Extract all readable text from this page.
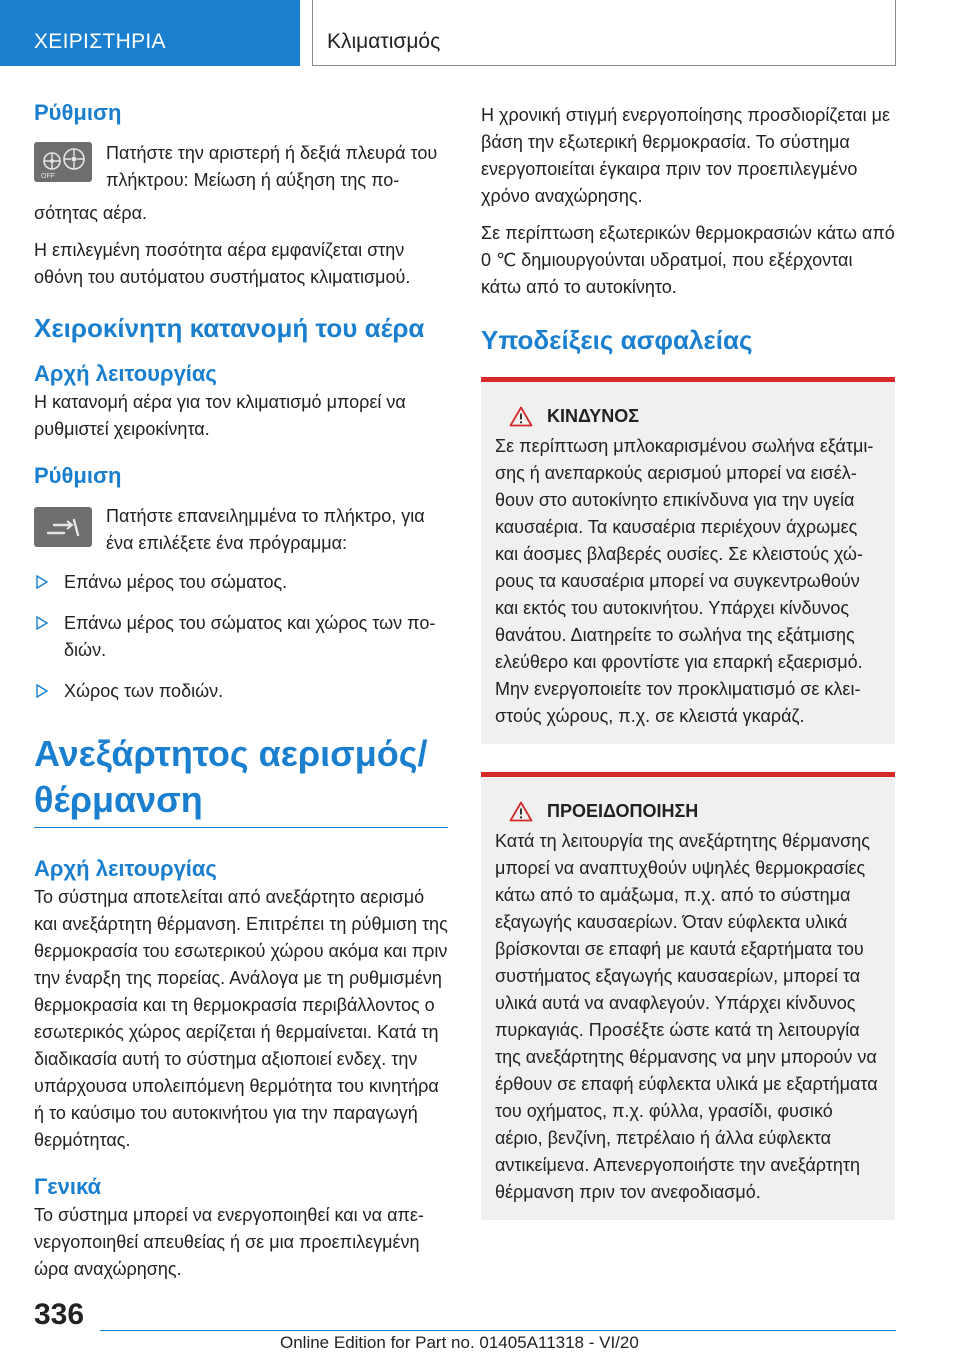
ΧΕΙΡΙΣΤΗΡΙΑ	Κλιματισμός
Ρύθμιση
OFF

Πατήστε την αριστερή ή δεξιά πλευρά του πλήκτρου: Μείωση ή αύξηση της πο-

σότητας αέρα.

Η επιλεγμένη ποσότητα αέρα εμφανίζεται στην οθόνη του αυτόματου συστήματος κλιματισμού.

Χειροκίνητη κατανομή του αέρα
Αρχή λειτουργίας

Η κατανομή αέρα για τον κλιματισμό μπορεί να ρυθμιστεί χειροκίνητα.

Ρύθμιση

Πατήστε επανειλημμένα το πλήκτρο, για ένα επιλέξετε ένα πρόγραμμα:

Επάνω μέρος του σώματος.
Επάνω μέρος του σώματος και χώρος των ποδιών.
Χώρος των ποδιών.
Ανεξάρτητος αερισμός/ θέρμανση
Αρχή λειτουργίας

Το σύστημα αποτελείται από ανεξάρτητο αερισμό και ανεξάρτητη θέρμανση. Επιτρέπει τη ρύθμιση της θερμοκρασία του εσωτερικού χώρου ακόμα και πριν την έναρξη της πορείας. Ανάλογα με τη ρυθμισμένη θερμοκρασία και τη θερμοκρασία περιβάλλοντος ο εσωτερικός χώρος αερίζεται ή θερμαίνεται. Κατά τη διαδικασία αυτή το σύστημα αξιοποιεί ενδεχ. την υπάρχουσα υπολειπόμενη θερμότητα του κινητήρα ή το καύσιμο του αυτοκινήτου για την παραγωγή θερμότητας.

Γενικά

Το σύστημα μπορεί να ενεργοποιηθεί και να απενεργοποιηθεί απευθείας ή σε μια προεπιλεγμένη ώρα αναχώρησης.

Η χρονική στιγμή ενεργοποίησης προσδιορίζεται με βάση την εξωτερική θερμοκρασία. Το σύστημα ενεργοποιείται έγκαιρα πριν τον προεπιλεγμένο χρόνο αναχώρησης.

Σε περίπτωση εξωτερικών θερμοκρασιών κάτω από 0 ℃ δημιουργούνται υδρατμοί, που εξέρχονται κάτω από το αυτοκίνητο.

Υποδείξεις ασφαλείας
ΚΙΝΔΥΝΟΣ

Σε περίπτωση μπλοκαρισμένου σωλήνα εξάτμισης ή ανεπαρκούς αερισμού μπορεί να εισέλθουν στο αυτοκίνητο επικίνδυνα για την υγεία καυσαέρια. Τα καυσαέρια περιέχουν άχρωμες και άοσμες βλαβερές ουσίες. Σε κλειστούς χώρους τα καυσαέρια μπορεί να συγκεντρωθούν και εκτός του αυτοκινήτου. Υπάρχει κίνδυνος θανάτου. Διατηρείτε το σωλήνα της εξάτμισης ελεύθερο και φροντίστε για επαρκή εξαερισμό. Μην ενεργοποιείτε τον προκλιματισμό σε κλειστούς χώρους, π.χ. σε κλειστά γκαράζ.

ΠΡΟΕΙΔΟΠΟΙΗΣΗ

Κατά τη λειτουργία της ανεξάρτητης θέρμανσης μπορεί να αναπτυχθούν υψηλές θερμοκρασίες κάτω από το αμάξωμα, π.χ. από το σύστημα εξαγωγής καυσαερίων. Όταν εύφλεκτα υλικά βρίσκονται σε επαφή με καυτά εξαρτήματα του συστήματος εξαγωγής καυσαερίων, μπορεί τα υλικά αυτά να αναφλεγούν. Υπάρχει κίνδυνος πυρκαγιάς. Προσέξτε ώστε κατά τη λειτουργία της ανεξάρτητης θέρμανσης να μην μπορούν να έρθουν σε επαφή εύφλεκτα υλικά με εξαρτήματα του οχήματος, π.χ. φύλλα, γρασίδι, φυσικό αέριο, βενζίνη, πετρέλαιο ή άλλα εύφλεκτα αντικείμενα. Απενεργοποιήστε την ανεξάρτητη θέρμανση πριν τον ανεφοδιασμό.

336
Online Edition for Part no. 01405A11318 - VI/20
